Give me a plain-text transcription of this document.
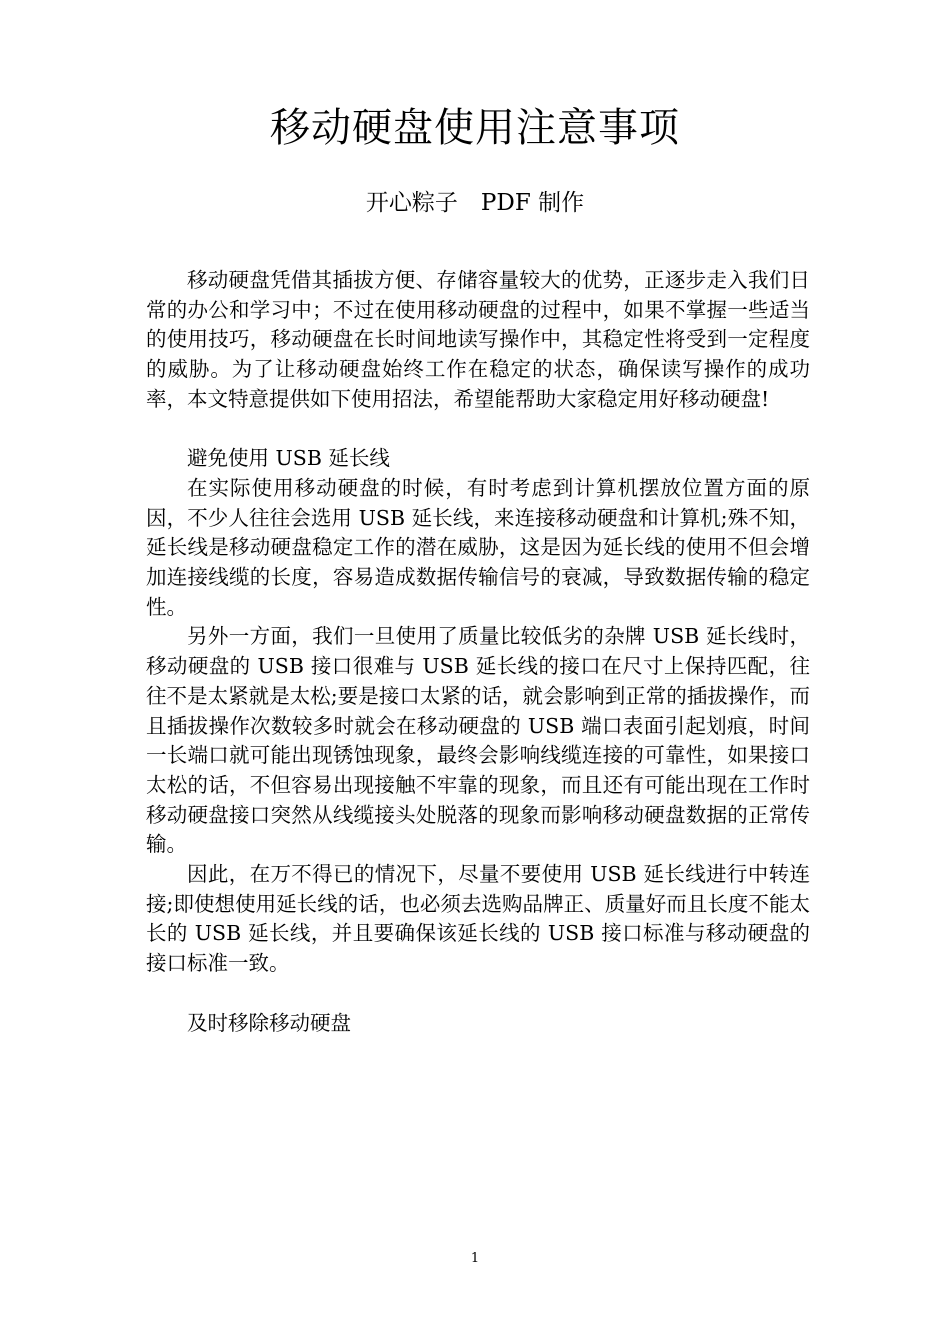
移动硬盘使用注意事项
开心粽子　PDF 制作

移动硬盘凭借其插拔方便、存储容量较大的优势，正逐步走入我们日常的办公和学习中；不过在使用移动硬盘的过程中，如果不掌握一些适当的使用技巧，移动硬盘在长时间地读写操作中，其稳定性将受到一定程度的威胁。为了让移动硬盘始终工作在稳定的状态，确保读写操作的成功率，本文特意提供如下使用招法，希望能帮助大家稳定用好移动硬盘!

避免使用 USB 延长线

在实际使用移动硬盘的时候，有时考虑到计算机摆放位置方面的原因，不少人往往会选用 USB 延长线，来连接移动硬盘和计算机;殊不知，延长线是移动硬盘稳定工作的潜在威胁，这是因为延长线的使用不但会增加连接线缆的长度，容易造成数据传输信号的衰减，导致数据传输的稳定性。

另外一方面，我们一旦使用了质量比较低劣的杂牌 USB 延长线时，移动硬盘的 USB 接口很难与 USB 延长线的接口在尺寸上保持匹配，往往不是太紧就是太松;要是接口太紧的话，就会影响到正常的插拔操作，而且插拔操作次数较多时就会在移动硬盘的 USB 端口表面引起划痕，时间一长端口就可能出现锈蚀现象，最终会影响线缆连接的可靠性，如果接口太松的话，不但容易出现接触不牢靠的现象，而且还有可能出现在工作时移动硬盘接口突然从线缆接头处脱落的现象而影响移动硬盘数据的正常传输。

因此，在万不得已的情况下，尽量不要使用 USB 延长线进行中转连接;即使想使用延长线的话，也必须去选购品牌正、质量好而且长度不能太长的 USB 延长线，并且要确保该延长线的 USB 接口标准与移动硬盘的接口标准一致。

及时移除移动硬盘

1
